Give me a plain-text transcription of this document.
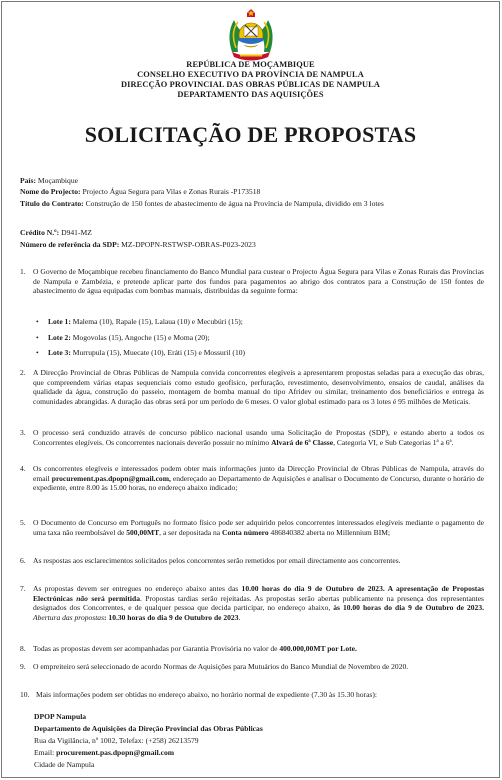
REPÚBLICA DE MOÇAMBIQUE
CONSELHO EXECUTIVO DA PROVÍNCIA DE NAMPULA
DIRECÇÃO PROVINCIAL DAS OBRAS PÚBLICAS DE NAMPULA
DEPARTAMENTO DAS AQUISIÇÕES
SOLICITAÇÃO DE PROPOSTAS
País: Moçambique
Nome do Projecto: Projecto Água Segura para Vilas e Zonas Rurais -P173518
Título do Contrato: Construção de 150 fontes de abastecimento de água na Província de Nampula, dividido em 3 lotes
Crédito N.º: D941-MZ
Número de referência da SDP: MZ-DPOPN-RSTWSP-OBRAS-P023-2023
1. O Governo de Moçambique recebeu financiamento do Banco Mundial para custear o Projecto Água Segura para Vilas e Zonas Rurais das Províncias de Nampula e Zambézia, e pretende aplicar parte dos fundos para pagamentos ao abrigo dos contratos para a Construção de 150 fontes de abastecimento de água equipadas com bombas manuais, distribuidas da seguinte forma:
• Lote 1: Malema (10), Rapale (15), Lalaua (10) e Mecubúri (15);
• Lote 2: Mogovolas (15), Angoche (15) e Moma (20);
• Lote 3: Murrupula (15), Muecate (10), Eráti (15) e Mossuril (10)
2. A Direcção Provincial de Obras Públicas de Nampula convida concorrentes elegíveis a apresentarem propostas seladas para a execução das obras, que compreendem várias etapas sequenciais como estudo geofísico, perfuração, revestimento, desenvolvimento, ensaios de caudal, análises da qualidade da água, construção do passeio, montagem de bomba manual do tipo Afridev ou similar, treinamento dos beneficiários e entrega às comunidades abrangidas. A duração das obras será por um período de 6 meses. O valor global estimado para os 3 lotes é 95 milhões de Meticais.
3. O processo será conduzido através de concurso público nacional usando uma Solicitação de Propostas (SDP), e estando aberto a todos os Concorrentes elegíveis. Os concorrentes nacionais deverão possuir no mínimo Alvará de 6ª Classe, Categoria VI, e Sub Categorias 1ª a 6ª.
4. Os concorrentes elegíveis e interessados podem obter mais informações junto da Direcção Provincial de Obras Públicas de Nampula, através do email procurement.pas.dpopn@gmail.com, endereçado ao Departamento de Aquisições e analisar o Documento de Concurso, durante o horário de expediente, entre 8.00 às 15.00 horas, no endereço abaixo indicado;
5. O Documento de Concurso em Português no formato físico pode ser adquirido pelos concorrentes interessados elegíveis mediante o pagamento de uma taxa não reembolsável de 500,00MT, a ser depositada na Conta número 486840382 aberta no Millennium BIM;
6. As respostas aos esclarecimentos solicitados pelos concorrentes serão remetidos por email directamente aos concorrentes.
7. As propostas devem ser entregues no endereço abaixo antes das 10.00 horas do dia 9 de Outubro de 2023. A apresentação de Propostas Electrónicas não será permitida. Propostas tardias serão rejeitadas. As propostas serão abertas publicamente na presença dos representantes designados dos Concorrentes, e de qualquer pessoa que decida participar, no endereço abaixo, às 10.00 horas do dia 9 de Outubro de 2023. Abertura das propostas: 10.30 horas do dia 9 de Outubro de 2023.
8. Todas as propostas devem ser acompanhadas por Garantia Provisória no valor de 400.000,00MT por Lote.
9. O empreiteiro será seleccionado de acordo Normas de Aquisições para Mutuários do Banco Mundial de Novembro de 2020.
10. Mais informações podem ser obtidas no endereço abaixo, no horário normal de expediente (7.30 às 15.30 horas):
DPOP Nampula
Departamento de Aquisições da Direção Provincial das Obras Públicas
Rua da Vigilância, nº 1002, Telefax: (+258) 26213579
Email: procurement.pas.dpopn@gmail.com
Cidade de Nampula
